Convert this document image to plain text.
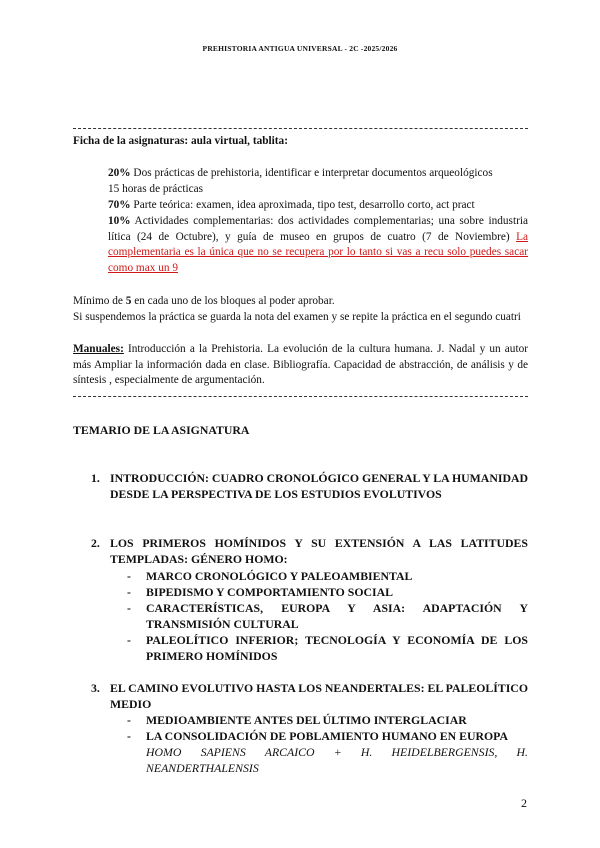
PREHISTORIA ANTIGUA UNIVERSAL - 2C -2025/2026
Ficha de la asignaturas: aula virtual, tablita:
20% Dos prácticas de prehistoria, identificar e interpretar documentos arqueológicos
15 horas de prácticas
70% Parte teórica: examen, idea aproximada, tipo test, desarrollo corto, act pract
10% Actividades complementarias: dos actividades complementarias; una sobre industria lítica (24 de Octubre), y guía de museo en grupos de cuatro (7 de Noviembre) La complementaria es la única que no se recupera por lo tanto si vas a recu solo puedes sacar como max un 9
Mínimo de 5 en cada uno de los bloques al poder aprobar.
Si suspendemos la práctica se guarda la nota del examen y se repite la práctica en el segundo cuatri
Manuales: Introducción a la Prehistoria. La evolución de la cultura humana. J. Nadal y un autor más Ampliar la información dada en clase. Bibliografía. Capacidad de abstracción, de análisis y de síntesis , especialmente de argumentación.
TEMARIO DE LA ASIGNATURA
1. INTRODUCCIÓN: CUADRO CRONOLÓGICO GENERAL Y LA HUMANIDAD DESDE LA PERSPECTIVA DE LOS ESTUDIOS EVOLUTIVOS
2. LOS PRIMEROS HOMÍNIDOS Y SU EXTENSIÓN A LAS LATITUDES TEMPLADAS: GÉNERO HOMO:
- MARCO CRONOLÓGICO Y PALEOAMBIENTAL
- BIPEDISMO Y COMPORTAMIENTO SOCIAL
- CARACTERÍSTICAS, EUROPA Y ASIA: ADAPTACIÓN Y TRANSMISIÓN CULTURAL
- PALEOLÍTICO INFERIOR; TECNOLOGÍA Y ECONOMÍA DE LOS PRIMERO HOMÍNIDOS
3. EL CAMINO EVOLUTIVO HASTA LOS NEANDERTALES: EL PALEOLÍTICO MEDIO
- MEDIOAMBIENTE ANTES DEL ÚLTIMO INTERGLACIAR
- LA CONSOLIDACIÓN DE POBLAMIENTO HUMANO EN EUROPA
HOMO SAPIENS ARCAICO + H. HEIDELBERGENSIS, H. NEANDERTHALENSIS
2
